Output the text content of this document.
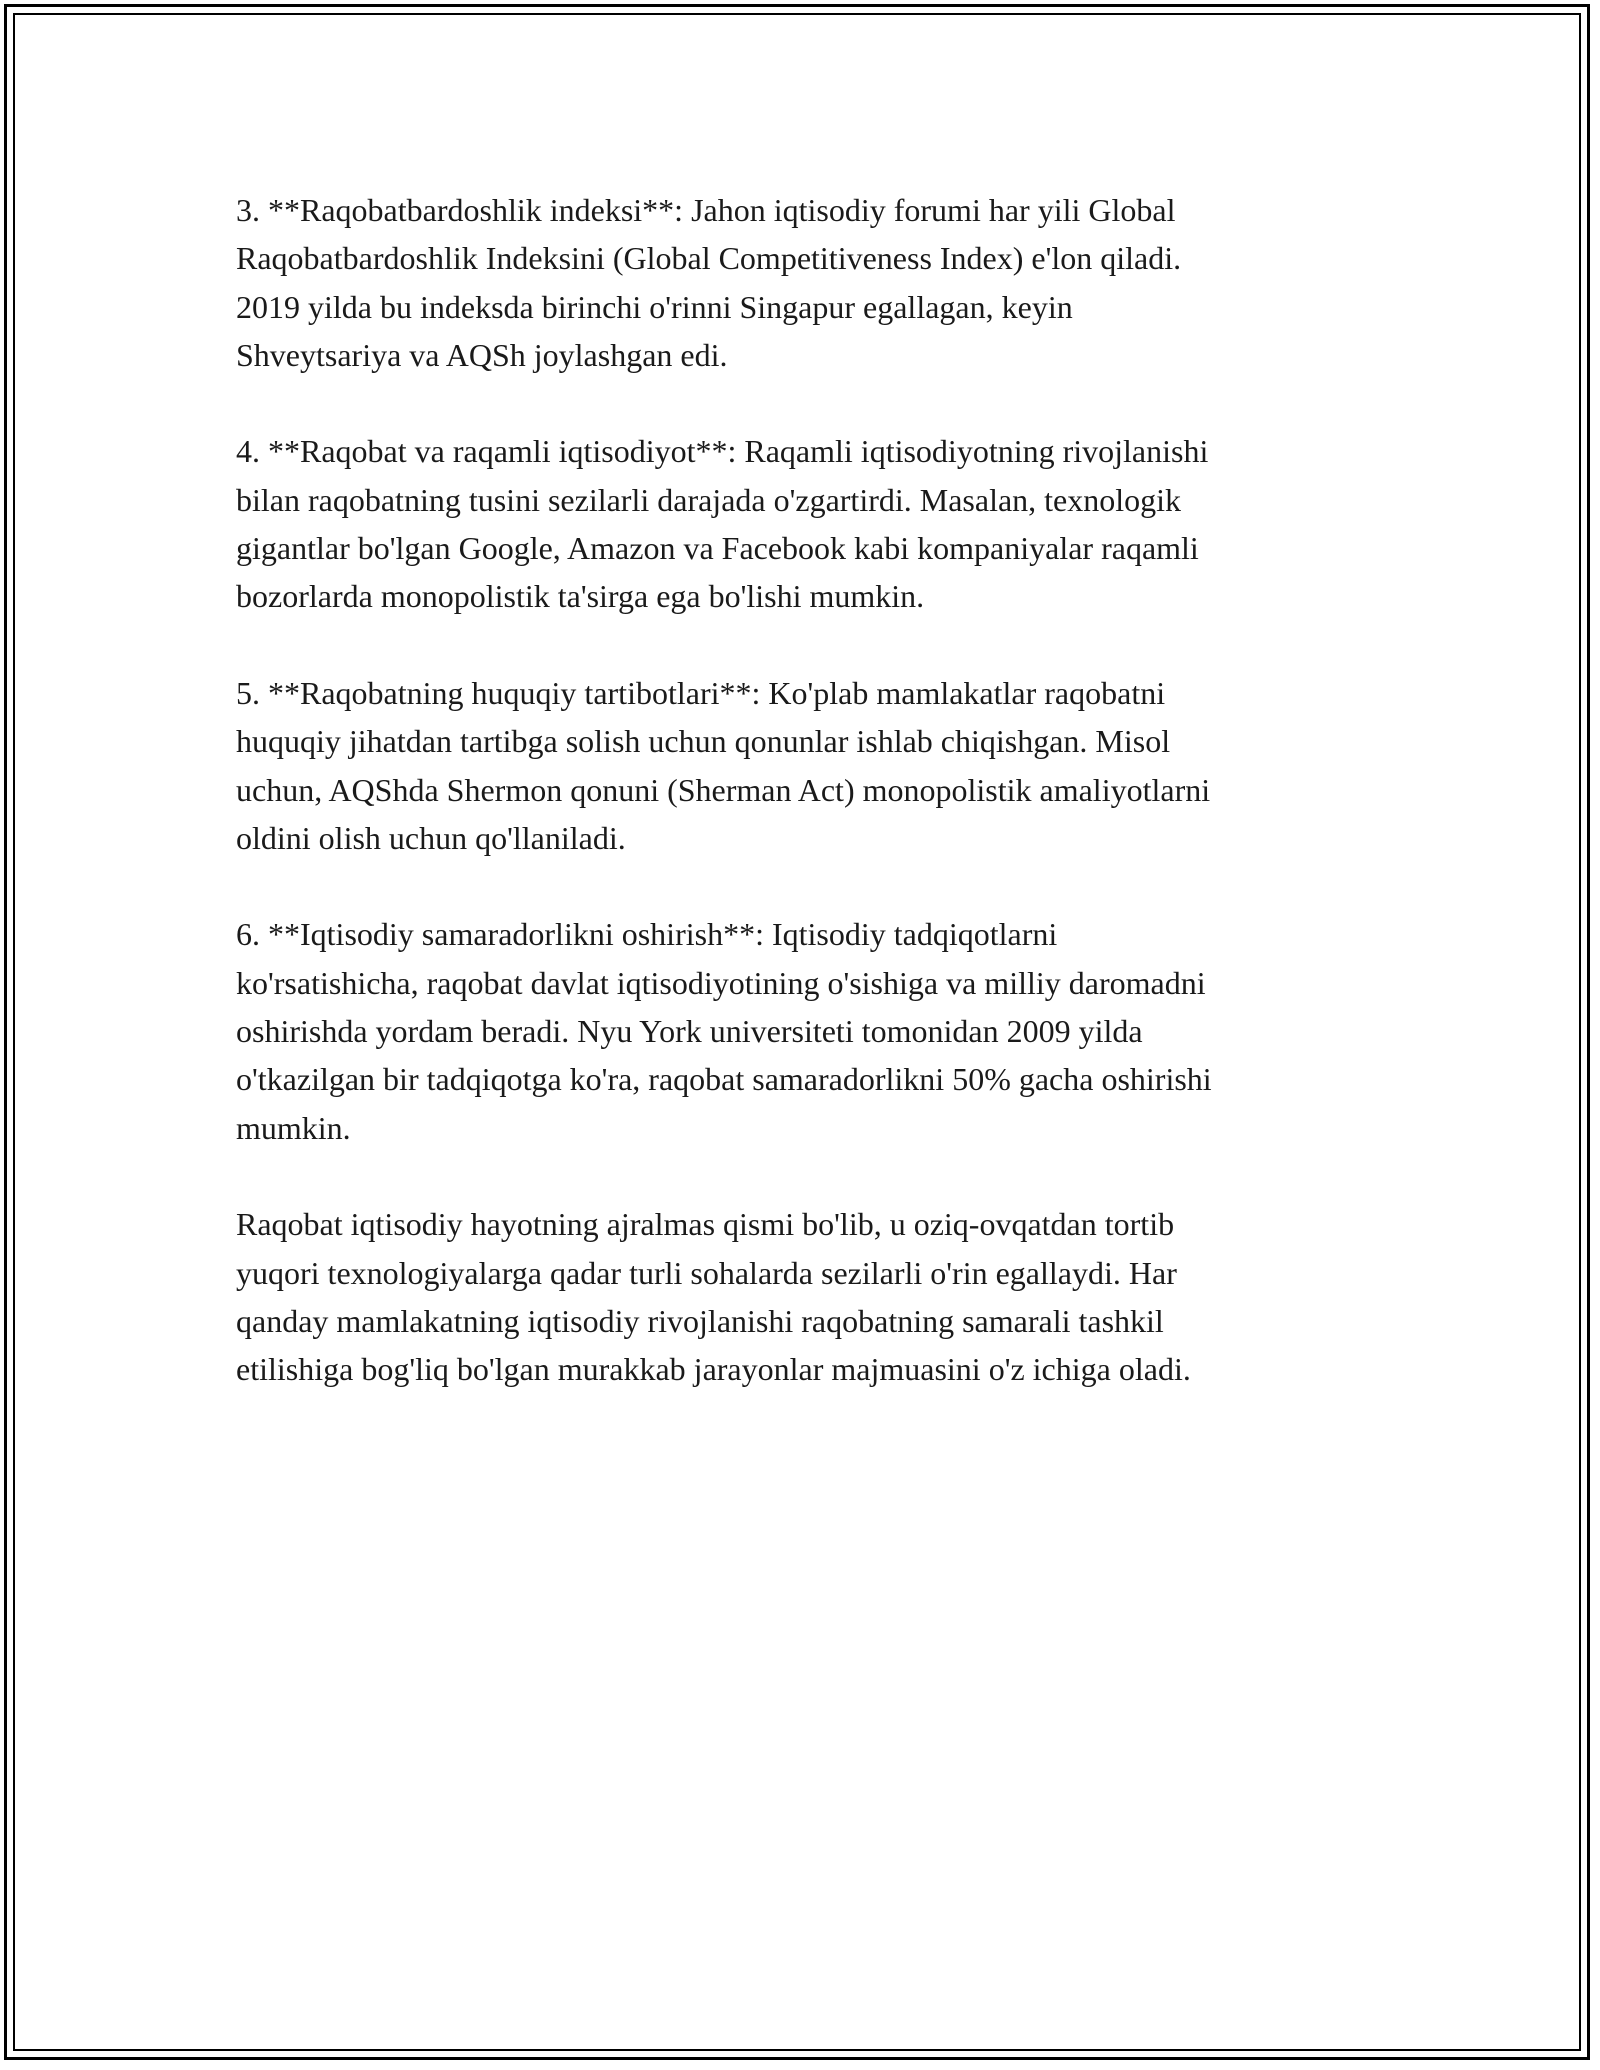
3. **Raqobatbardoshlik indeksi**: Jahon iqtisodiy forumi har yili Global
Raqobatbardoshlik Indeksini (Global Competitiveness Index) e'lon qiladi.
2019 yilda bu indeksda birinchi o'rinni Singapur egallagan, keyin
Shveytsariya va AQSh joylashgan edi.

4. **Raqobat va raqamli iqtisodiyot**: Raqamli iqtisodiyotning rivojlanishi
bilan raqobatning tusini sezilarli darajada o'zgartirdi. Masalan, texnologik
gigantlar bo'lgan Google, Amazon va Facebook kabi kompaniyalar raqamli
bozorlarda monopolistik ta'sirga ega bo'lishi mumkin.

5. **Raqobatning huquqiy tartibotlari**: Ko'plab mamlakatlar raqobatni
huquqiy jihatdan tartibga solish uchun qonunlar ishlab chiqishgan. Misol
uchun, AQShda Shermon qonuni (Sherman Act) monopolistik amaliyotlarni
oldini olish uchun qo'llaniladi.

6. **Iqtisodiy samaradorlikni oshirish**: Iqtisodiy tadqiqotlarni
ko'rsatishicha, raqobat davlat iqtisodiyotining o'sishiga va milliy daromadni
oshirishda yordam beradi. Nyu York universiteti tomonidan 2009 yilda
o'tkazilgan bir tadqiqotga ko'ra, raqobat samaradorlikni 50% gacha oshirishi
mumkin.

Raqobat iqtisodiy hayotning ajralmas qismi bo'lib, u oziq-ovqatdan tortib
yuqori texnologiyalarga qadar turli sohalarda sezilarli o'rin egallaydi. Har
qanday mamlakatning iqtisodiy rivojlanishi raqobatning samarali tashkil
etilishiga bog'liq bo'lgan murakkab jarayonlar majmuasini o'z ichiga oladi.
